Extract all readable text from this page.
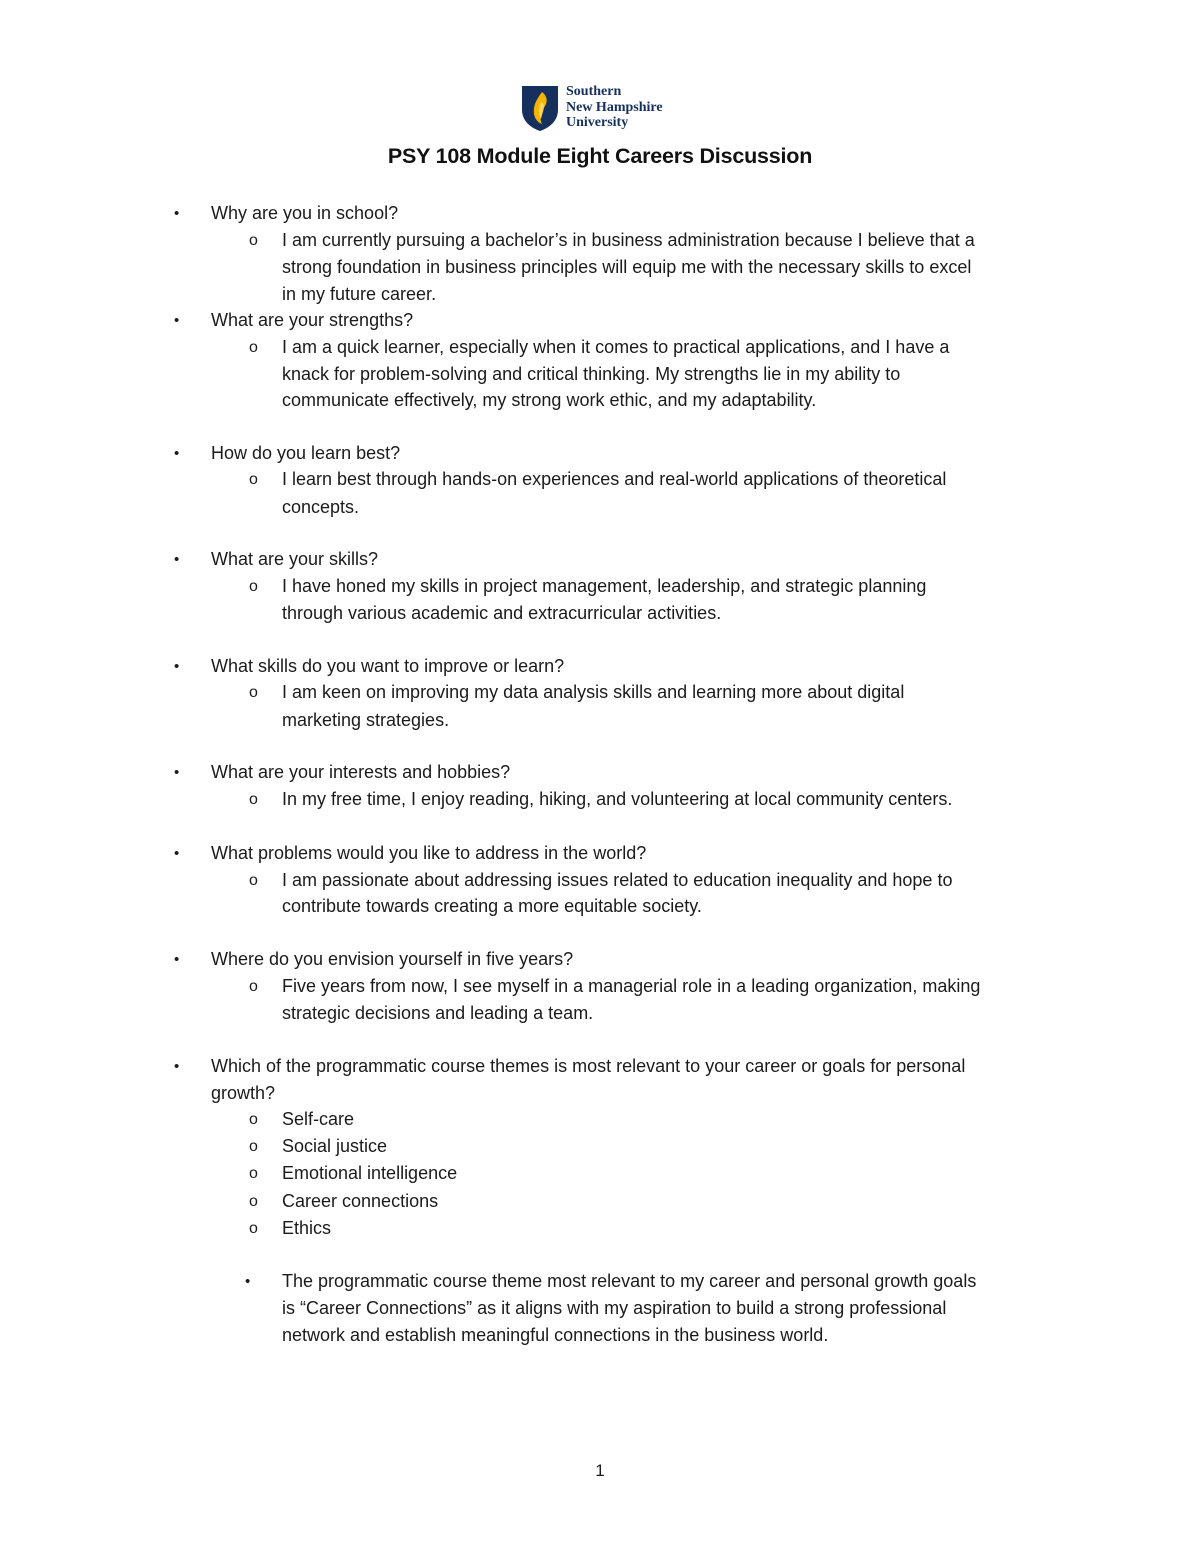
Southern
New Hampshire
University
PSY 108 Module Eight Careers Discussion
• Why are you in school?
o I am currently pursuing a bachelor’s in business administration because I believe that a
strong foundation in business principles will equip me with the necessary skills to excel
in my future career.
• What are your strengths?
o I am a quick learner, especially when it comes to practical applications, and I have a
knack for problem-solving and critical thinking. My strengths lie in my ability to
communicate effectively, my strong work ethic, and my adaptability.
• How do you learn best?
o I learn best through hands-on experiences and real-world applications of theoretical
concepts.
• What are your skills?
o I have honed my skills in project management, leadership, and strategic planning
through various academic and extracurricular activities.
• What skills do you want to improve or learn?
o I am keen on improving my data analysis skills and learning more about digital
marketing strategies.
• What are your interests and hobbies?
o In my free time, I enjoy reading, hiking, and volunteering at local community centers.
• What problems would you like to address in the world?
o I am passionate about addressing issues related to education inequality and hope to
contribute towards creating a more equitable society.
• Where do you envision yourself in five years?
o Five years from now, I see myself in a managerial role in a leading organization, making
strategic decisions and leading a team.
• Which of the programmatic course themes is most relevant to your career or goals for personal
growth?
o Self-care
o Social justice
o Emotional intelligence
o Career connections
o Ethics
• The programmatic course theme most relevant to my career and personal growth goals
is “Career Connections” as it aligns with my aspiration to build a strong professional
network and establish meaningful connections in the business world.
1
